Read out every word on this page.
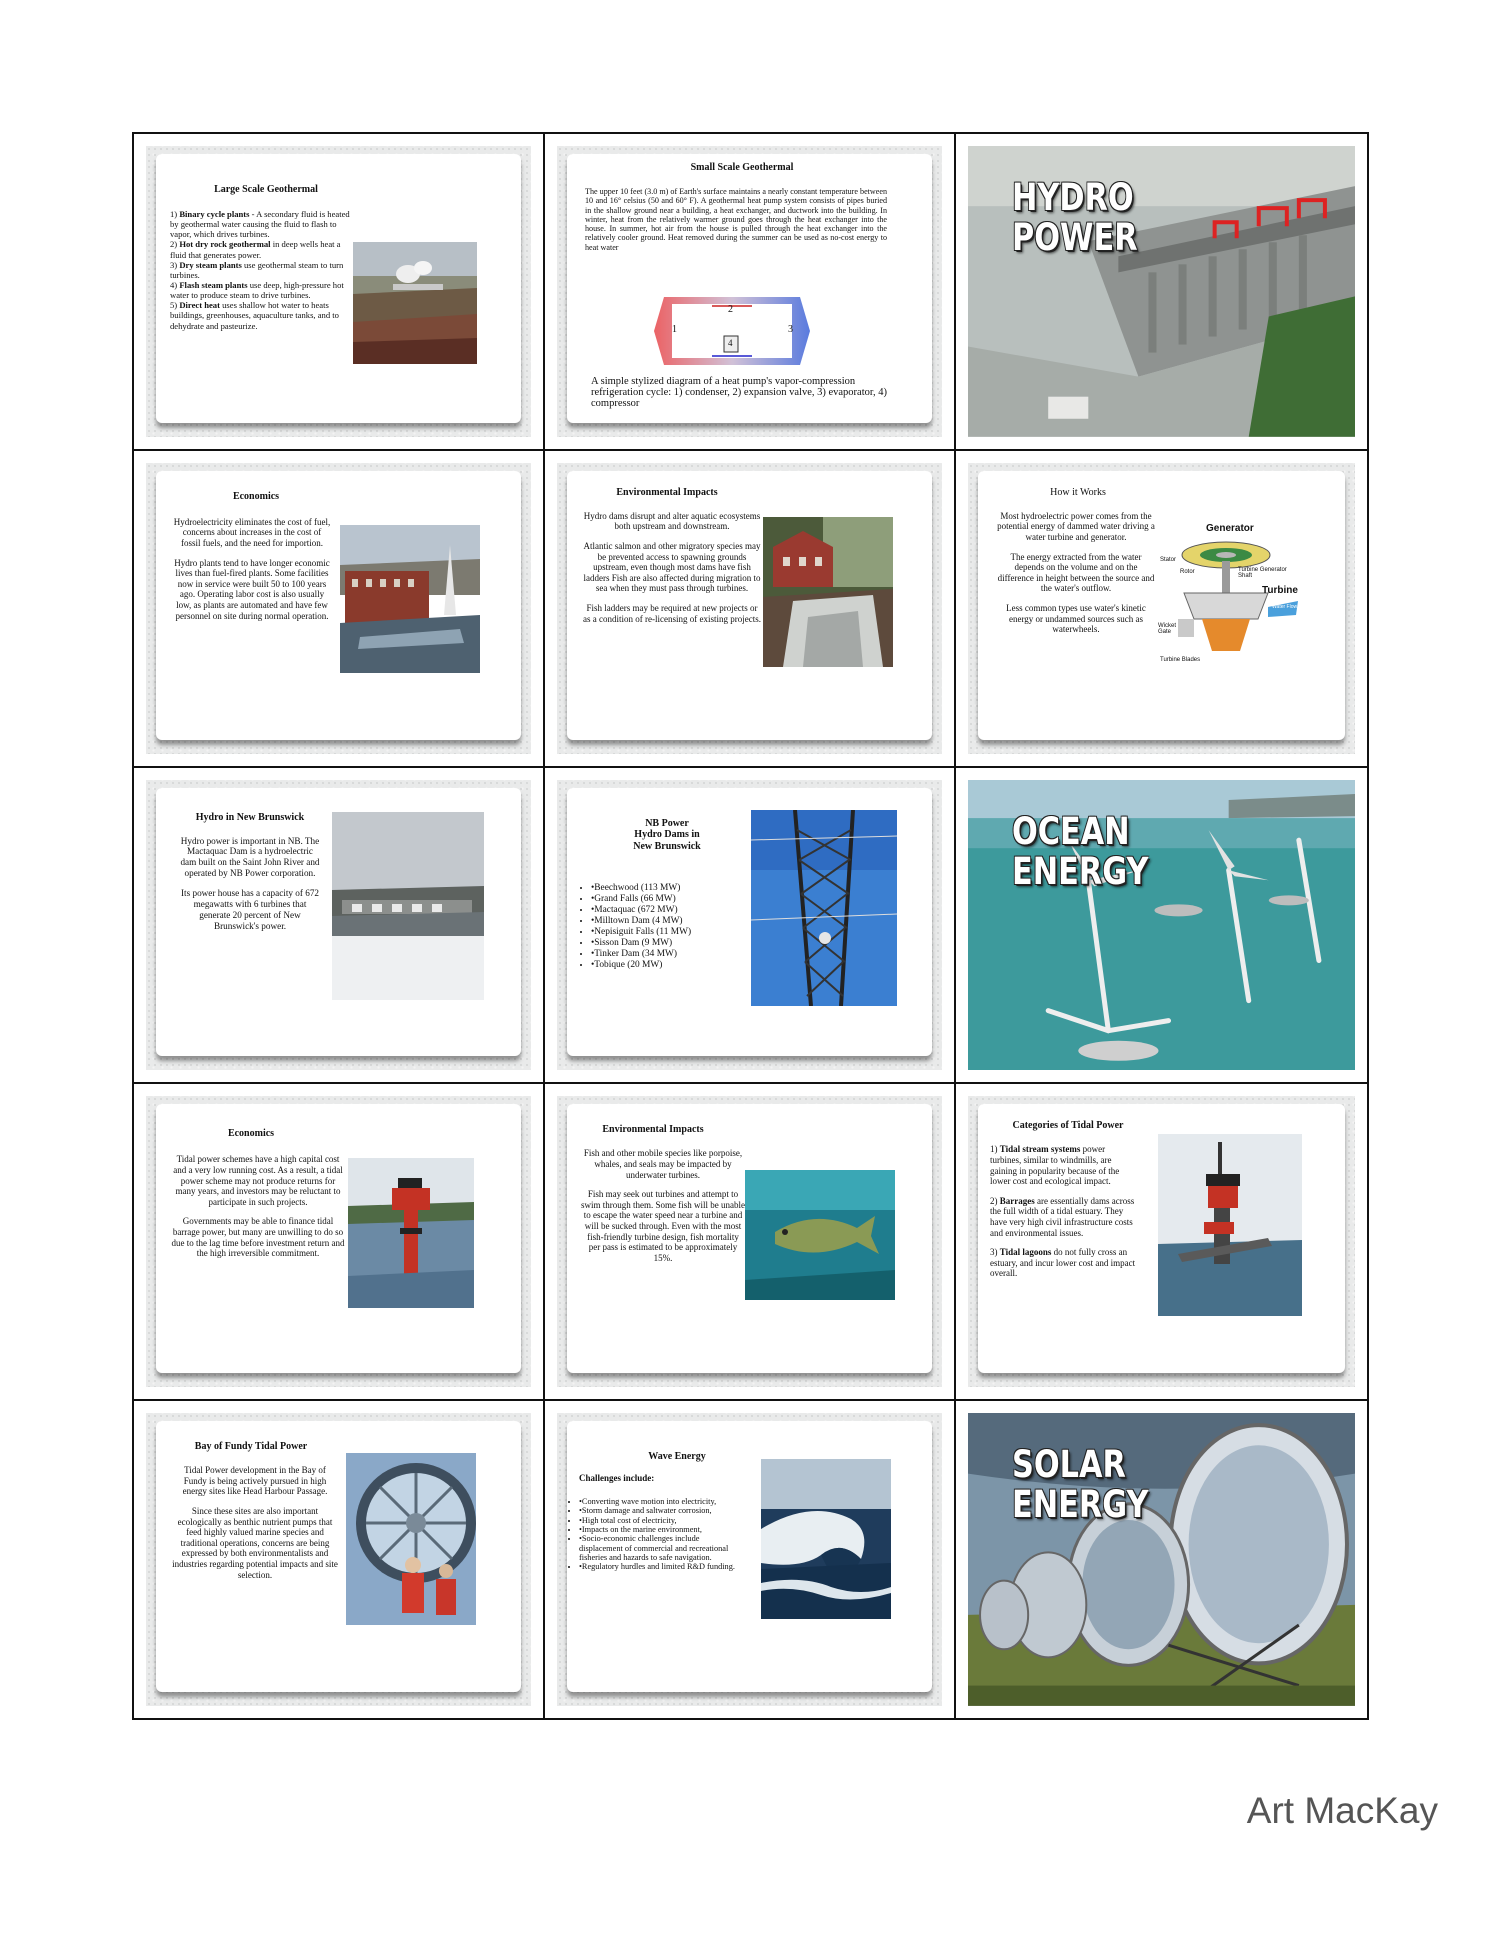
Large Scale Geothermal
1) Binary cycle plants - A secondary fluid is heated by geothermal water causing the fluid to flash to vapor, which drives turbines.
2) Hot dry rock geothermal in deep wells heat a fluid that generates power.
3) Dry steam plants use geothermal steam to turn turbines.
4) Flash steam plants use deep, high-pressure hot water to produce steam to drive turbines.
5) Direct heat uses shallow hot water to heats buildings, greenhouses, aquaculture tanks, and to dehydrate and pasteurize.
Small Scale Geothermal
The upper 10 feet (3.0 m) of Earth's surface maintains a nearly constant temperature between 10 and 16° celsius (50 and 60° F). A geothermal heat pump system consists of pipes buried in the shallow ground near a building, a heat exchanger, and ductwork into the building. In winter, heat from the relatively warmer ground goes through the heat exchanger into the house. In summer, hot air from the house is pulled through the heat exchanger into the relatively cooler ground. Heat removed during the summer can be used as no-cost energy to heat water
1
2
3
4
A simple stylized diagram of a heat pump's vapor-compression refrigeration cycle: 1) condenser, 2) expansion valve, 3) evaporator, 4) compressor
HYDRO
POWER
Economics

Hydroelectricity eliminates the cost of fuel, concerns about increases in the cost of fossil fuels, and the need for importion.

Hydro plants tend to have longer economic lives than fuel-fired plants. Some facilities now in service were built 50 to 100 years ago. Operating labor cost is also usually low, as plants are automated and have few personnel on site during normal operation.

Environmental Impacts

Hydro dams disrupt and alter aquatic ecosystems both upstream and downstream.

Atlantic salmon and other migratory species may be prevented access to spawning grounds upstream, even though most dams have fish ladders Fish are also affected during migration to sea when they must pass through turbines.

Fish ladders may be required at new projects or as a condition of re-licensing of existing projects.

How it Works

Most hydroelectric power comes from the potential energy of dammed water driving a water turbine and generator.

The energy extracted from the water depends on the volume and on the difference in height between the source and the water's outflow.

Less common types use water's kinetic energy or undammed sources such as waterwheels.

Generator
Stator
Rotor	Turbine Generator Shaft
Turbine
Water Flow
Wicket Gate
Turbine Blades
Hydro in New Brunswick

Hydro power is important in NB. The Mactaquac Dam is a hydroelectric dam built on the Saint John River and operated by NB Power corporation.

Its power house has a capacity of 672 megawatts with 6 turbines that generate 20 percent of New Brunswick's power.

NB Power
Hydro Dams in
New Brunswick
• •Beechwood (113 MW)
• •Grand Falls (66 MW)
• •Mactaquac (672 MW)
• •Milltown Dam (4 MW)
• •Nepisiguit Falls (11 MW)
• •Sisson Dam (9 MW)
• •Tinker Dam (34 MW)
• •Tobique (20 MW)
OCEAN
ENERGY
Economics

Tidal power schemes have a high capital cost and a very low running cost. As a result, a tidal power scheme may not produce returns for many years, and investors may be reluctant to participate in such projects.

Governments may be able to finance tidal barrage power, but many are unwilling to do so due to the lag time before investment return and the high irreversible commitment.

Environmental Impacts

Fish and other mobile species like porpoise, whales, and seals may be impacted by underwater turbines.

Fish may seek out turbines and attempt to swim through them. Some fish will be unable to escape the water speed near a turbine and will be sucked through. Even with the most fish-friendly turbine design, fish mortality per pass is estimated to be approximately 15%.

Categories of Tidal Power
1) Tidal stream systems power turbines, similar to windmills, are gaining in popularity because of the lower cost and ecological impact.
2) Barrages are essentially dams across the full width of a tidal estuary. They have very high civil infrastructure costs and environmental issues.
3) Tidal lagoons do not fully cross an estuary, and incur lower cost and impact overall.
Bay of Fundy Tidal Power

Tidal Power development in the Bay of Fundy is being actively pursued in high energy sites like Head Harbour Passage.

Since these sites are also important ecologically as benthic nutrient pumps that feed highly valued marine species and traditional operations, concerns are being expressed by both environmentalists and industries regarding potential impacts and site selection.

Wave Energy
Challenges include:
• •Converting wave motion into electricity,
• •Storm damage and saltwater corrosion,
• •High total cost of electricity,
• •Impacts on the marine environment,
• •Socio-economic challenges include displacement of commercial and recreational fisheries and hazards to safe navigation.
• •Regulatory hurdles and limited R&D funding.
SOLAR
ENERGY
Art MacKay
